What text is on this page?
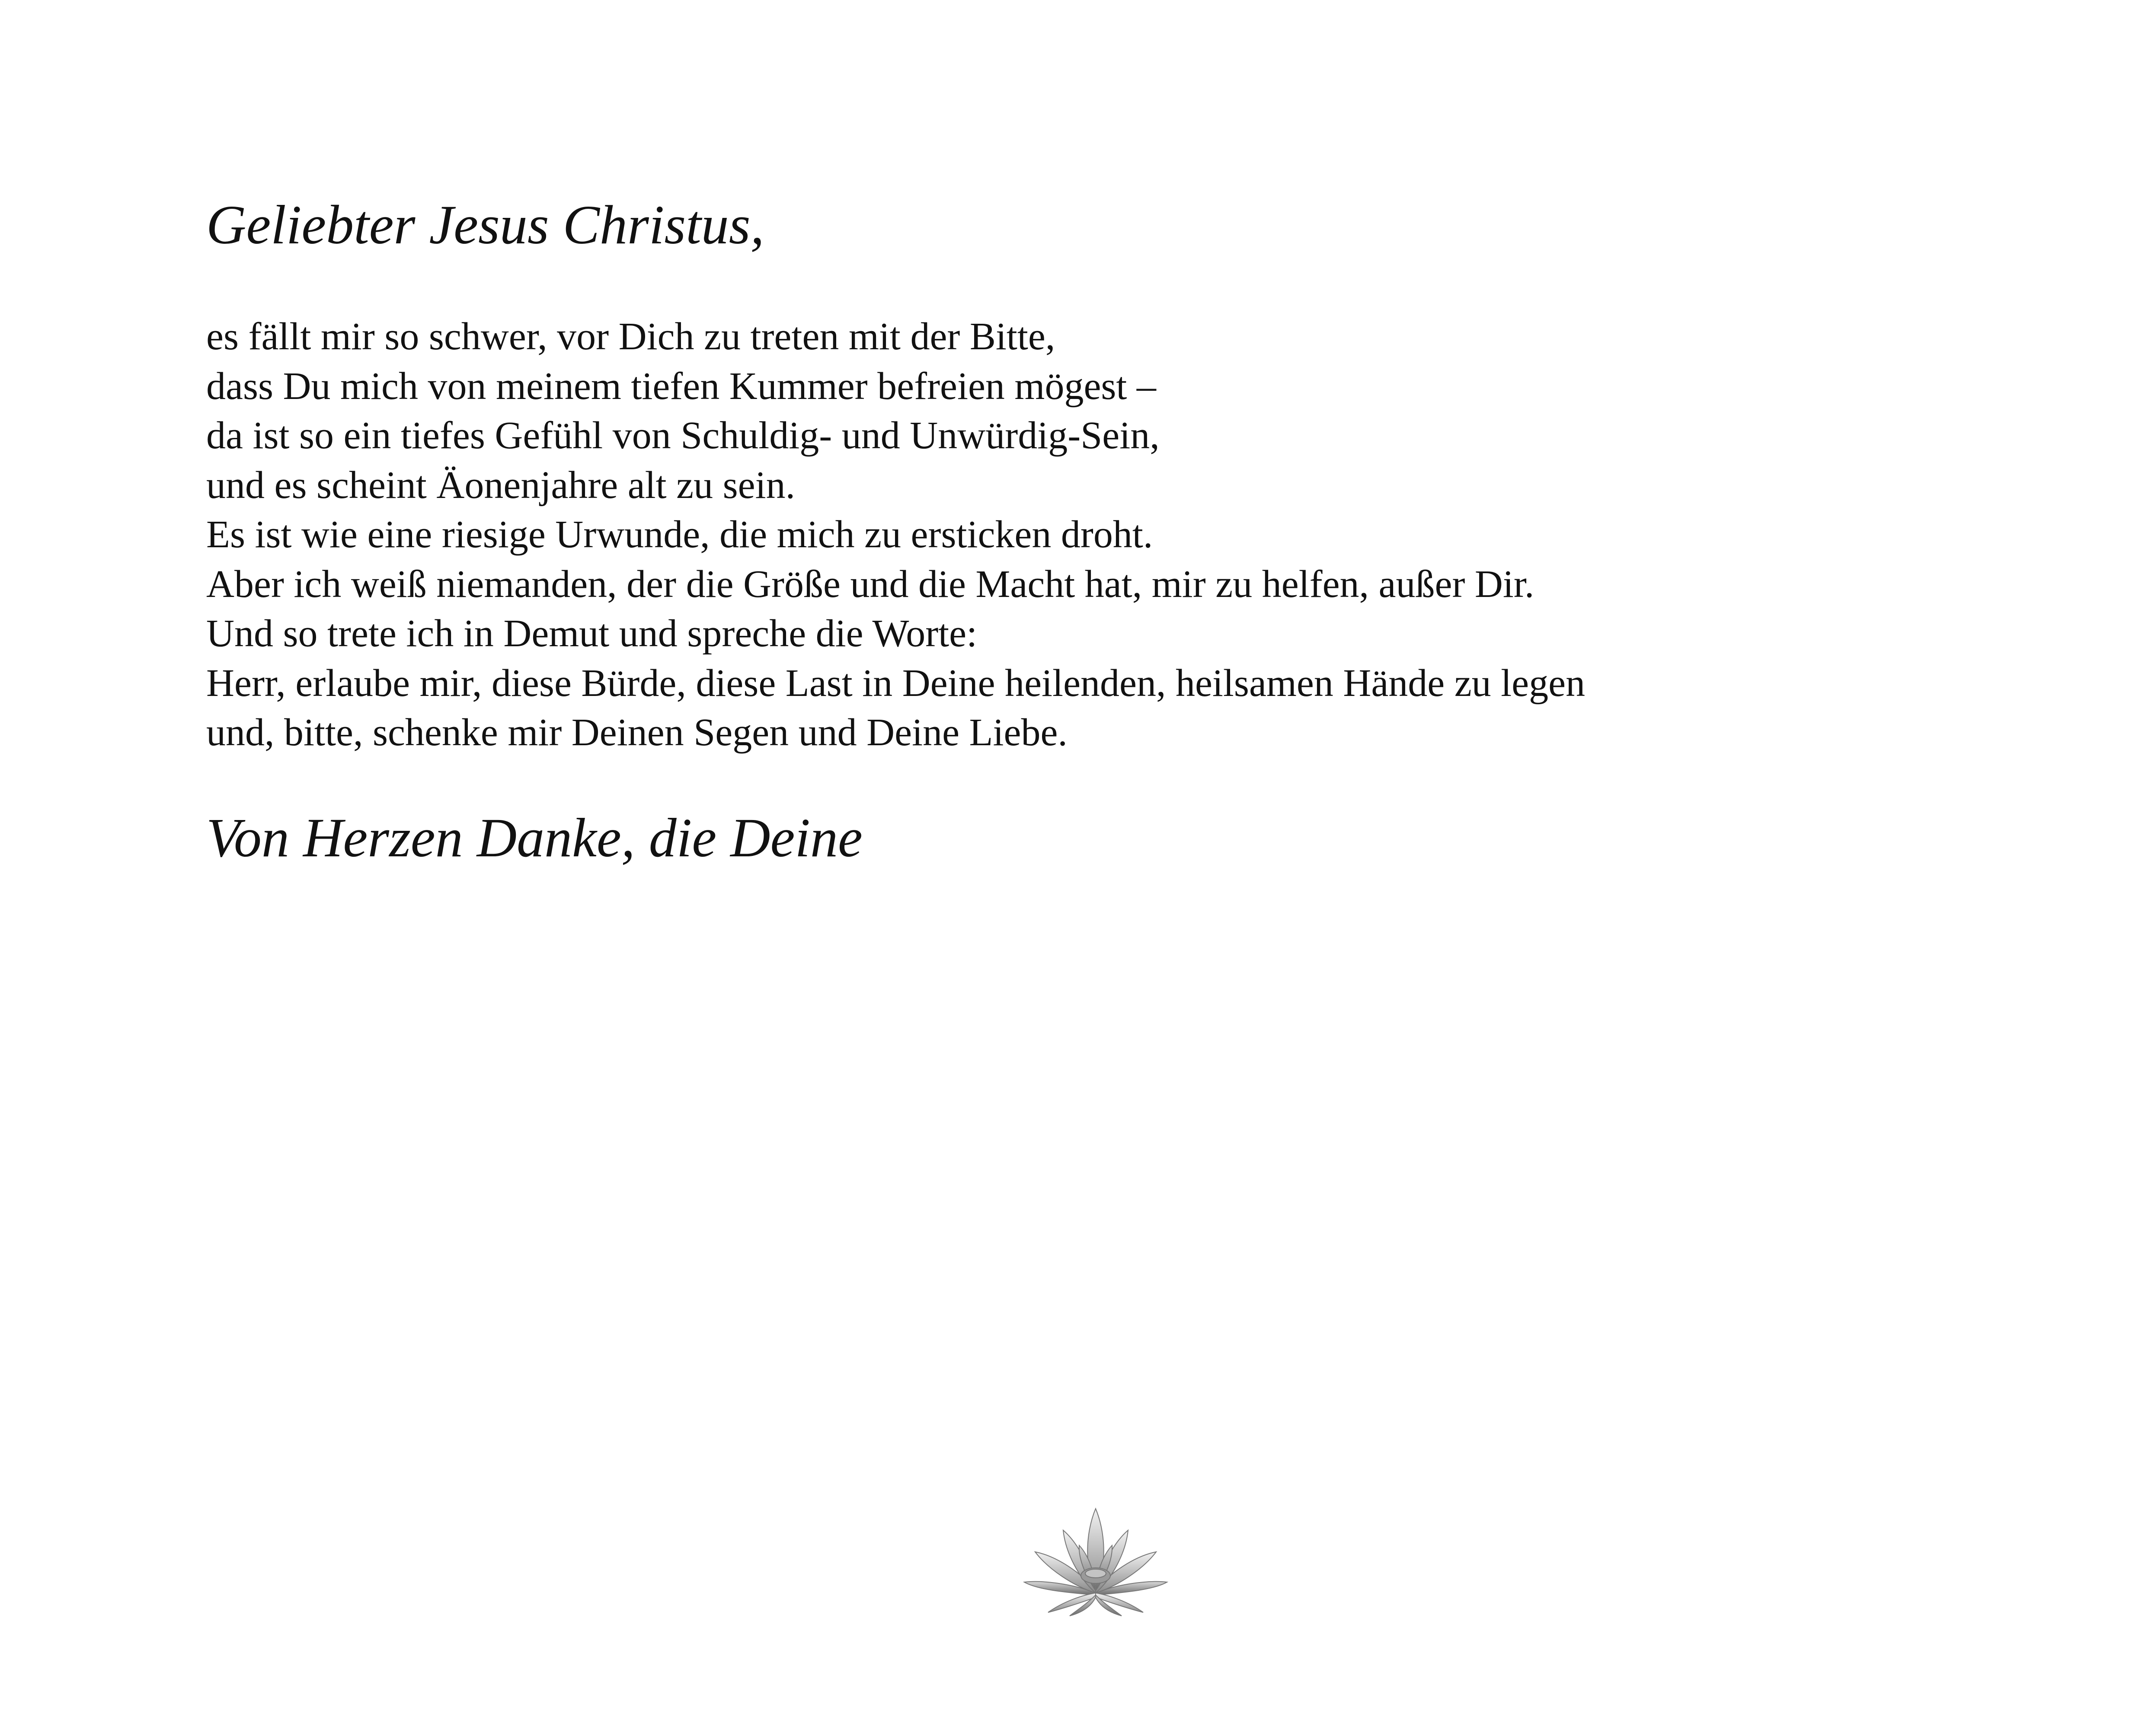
Geliebter Jesus Christus,

es fällt mir so schwer, vor Dich zu treten mit der Bitte,
dass Du mich von meinem tiefen Kummer befreien mögest –
da ist so ein tiefes Gefühl von Schuldig- und Unwürdig-Sein,
und es scheint Äonenjahre alt zu sein.
Es ist wie eine riesige Urwunde, die mich zu ersticken droht.
Aber ich weiß niemanden, der die Größe und die Macht hat, mir zu helfen, außer Dir.
Und so trete ich in Demut und spreche die Worte:
Herr, erlaube mir, diese Bürde, diese Last in Deine heilenden, heilsamen Hände zu legen
und, bitte, schenke mir Deinen Segen und Deine Liebe.

Von Herzen Danke, die Deine
